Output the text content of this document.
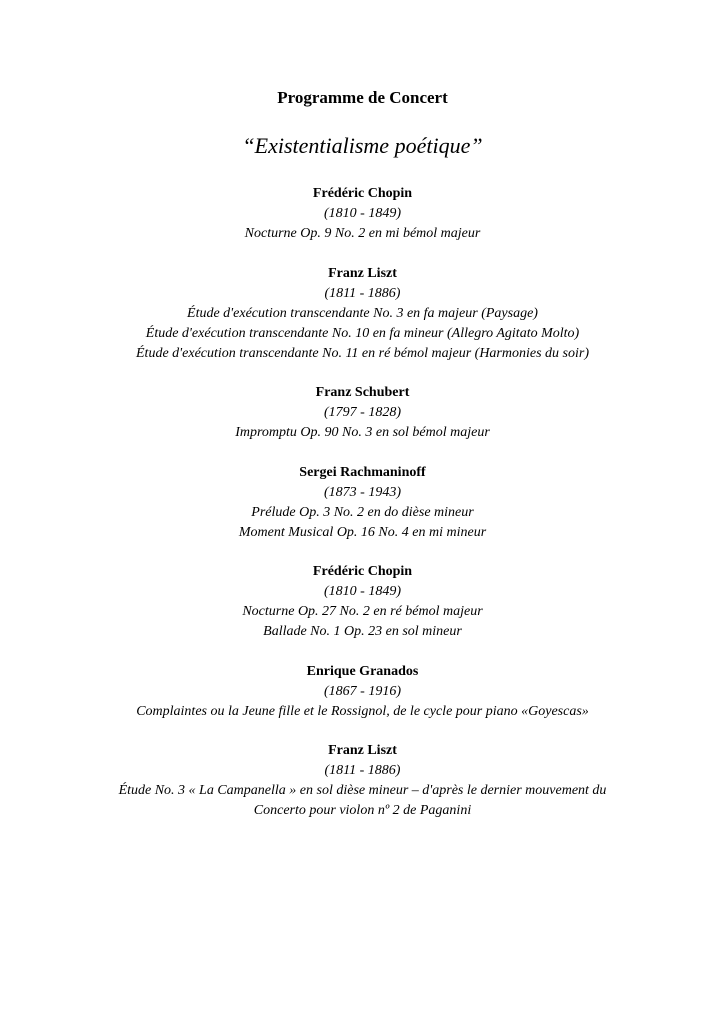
Programme de Concert
“Existentialisme poétique”
Frédéric Chopin
(1810 - 1849)
Nocturne Op. 9 No. 2 en mi bémol majeur
Franz Liszt
(1811 - 1886)
Étude d'exécution transcendante No. 3 en fa majeur (Paysage)
Étude d'exécution transcendante No. 10 en fa mineur (Allegro Agitato Molto)
Étude d'exécution transcendante No. 11 en ré bémol majeur (Harmonies du soir)
Franz Schubert
(1797 - 1828)
Impromptu Op. 90 No. 3 en sol bémol majeur
Sergei Rachmaninoff
(1873 - 1943)
Prélude Op. 3 No. 2 en do dièse mineur
Moment Musical Op. 16 No. 4 en mi mineur
Frédéric Chopin
(1810 - 1849)
Nocturne Op. 27 No. 2 en ré bémol majeur
Ballade No. 1 Op. 23 en sol mineur
Enrique Granados
(1867 - 1916)
Complaintes ou la Jeune fille et le Rossignol, de le cycle pour piano «Goyescas»
Franz Liszt
(1811 - 1886)
Étude No. 3 « La Campanella » en sol dièse mineur – d'après le dernier mouvement du Concerto pour violon nº 2 de Paganini
